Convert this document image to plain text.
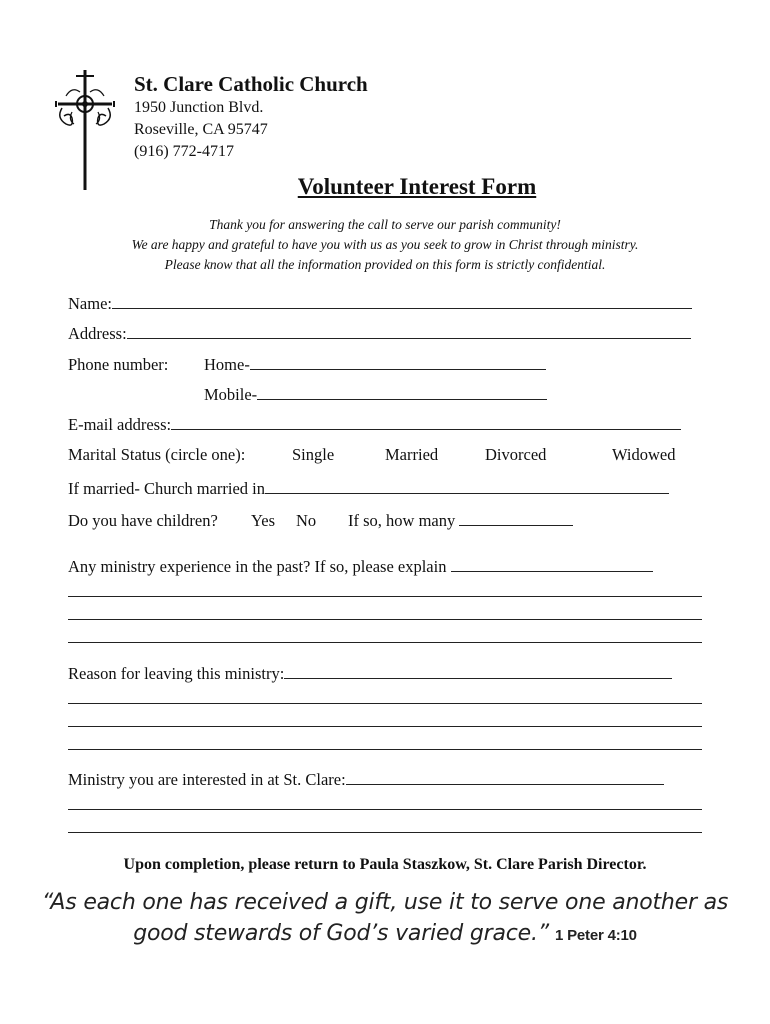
St. Clare Catholic Church
1950 Junction Blvd.
Roseville, CA 95747
(916) 772-4717
Volunteer Interest Form
Thank you for answering the call to serve our parish community!
We are happy and grateful to have you with us as you seek to grow in Christ through ministry.
Please know that all the information provided on this form is strictly confidential.
Name:
Address:
Phone number: Home-
Mobile-
E-mail address:
Marital Status (circle one):	Single	Married	Divorced	Widowed
If married- Church married in
Do you have children? Yes No If so, how many
Any ministry experience in the past? If so, please explain
Reason for leaving this ministry:
Ministry you are interested in at St. Clare:
Upon completion, please return to Paula Staszkow, St. Clare Parish Director.
“As each one has received a gift, use it to serve one another as
good stewards of God’s varied grace.” 1 Peter 4:10
